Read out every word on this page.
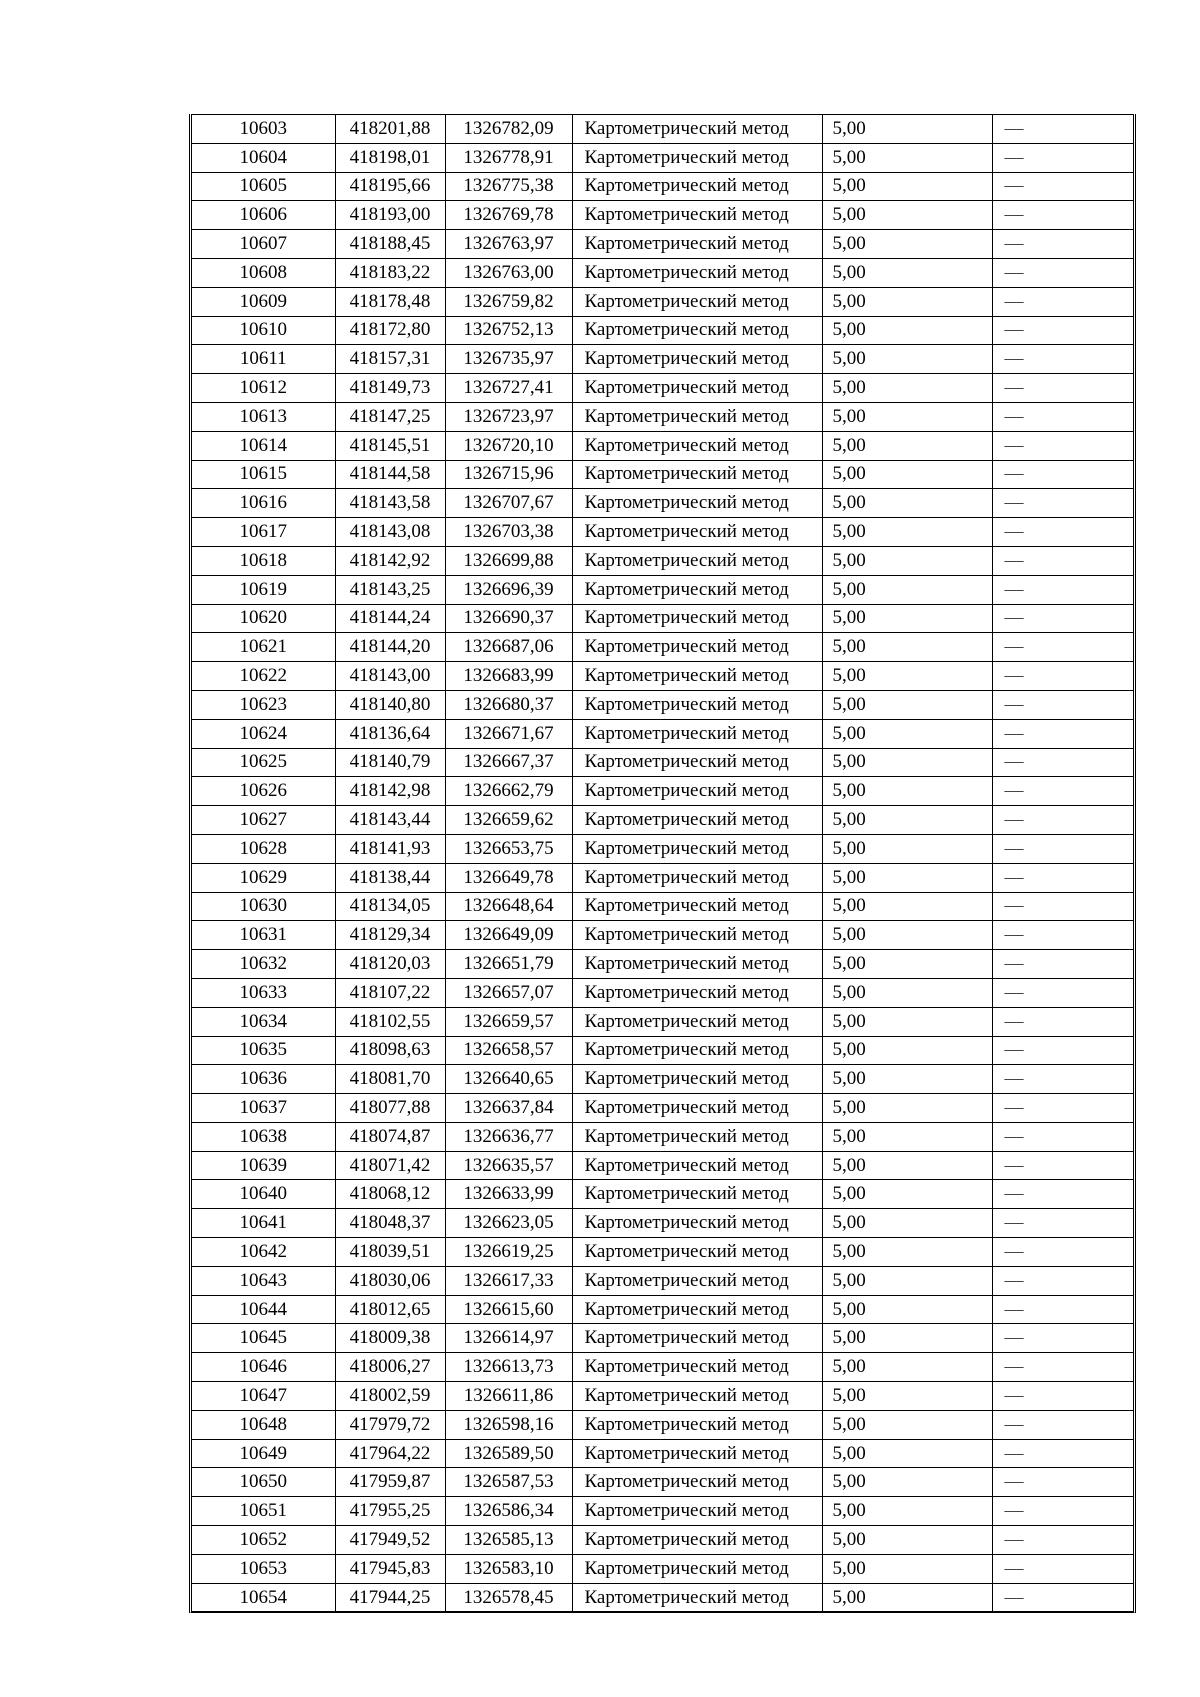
10603	418201,88	1326782,09	Картометрический метод	5,00	—
10604	418198,01	1326778,91	Картометрический метод	5,00	—
10605	418195,66	1326775,38	Картометрический метод	5,00	—
10606	418193,00	1326769,78	Картометрический метод	5,00	—
10607	418188,45	1326763,97	Картометрический метод	5,00	—
10608	418183,22	1326763,00	Картометрический метод	5,00	—
10609	418178,48	1326759,82	Картометрический метод	5,00	—
10610	418172,80	1326752,13	Картометрический метод	5,00	—
10611	418157,31	1326735,97	Картометрический метод	5,00	—
10612	418149,73	1326727,41	Картометрический метод	5,00	—
10613	418147,25	1326723,97	Картометрический метод	5,00	—
10614	418145,51	1326720,10	Картометрический метод	5,00	—
10615	418144,58	1326715,96	Картометрический метод	5,00	—
10616	418143,58	1326707,67	Картометрический метод	5,00	—
10617	418143,08	1326703,38	Картометрический метод	5,00	—
10618	418142,92	1326699,88	Картометрический метод	5,00	—
10619	418143,25	1326696,39	Картометрический метод	5,00	—
10620	418144,24	1326690,37	Картометрический метод	5,00	—
10621	418144,20	1326687,06	Картометрический метод	5,00	—
10622	418143,00	1326683,99	Картометрический метод	5,00	—
10623	418140,80	1326680,37	Картометрический метод	5,00	—
10624	418136,64	1326671,67	Картометрический метод	5,00	—
10625	418140,79	1326667,37	Картометрический метод	5,00	—
10626	418142,98	1326662,79	Картометрический метод	5,00	—
10627	418143,44	1326659,62	Картометрический метод	5,00	—
10628	418141,93	1326653,75	Картометрический метод	5,00	—
10629	418138,44	1326649,78	Картометрический метод	5,00	—
10630	418134,05	1326648,64	Картометрический метод	5,00	—
10631	418129,34	1326649,09	Картометрический метод	5,00	—
10632	418120,03	1326651,79	Картометрический метод	5,00	—
10633	418107,22	1326657,07	Картометрический метод	5,00	—
10634	418102,55	1326659,57	Картометрический метод	5,00	—
10635	418098,63	1326658,57	Картометрический метод	5,00	—
10636	418081,70	1326640,65	Картометрический метод	5,00	—
10637	418077,88	1326637,84	Картометрический метод	5,00	—
10638	418074,87	1326636,77	Картометрический метод	5,00	—
10639	418071,42	1326635,57	Картометрический метод	5,00	—
10640	418068,12	1326633,99	Картометрический метод	5,00	—
10641	418048,37	1326623,05	Картометрический метод	5,00	—
10642	418039,51	1326619,25	Картометрический метод	5,00	—
10643	418030,06	1326617,33	Картометрический метод	5,00	—
10644	418012,65	1326615,60	Картометрический метод	5,00	—
10645	418009,38	1326614,97	Картометрический метод	5,00	—
10646	418006,27	1326613,73	Картометрический метод	5,00	—
10647	418002,59	1326611,86	Картометрический метод	5,00	—
10648	417979,72	1326598,16	Картометрический метод	5,00	—
10649	417964,22	1326589,50	Картометрический метод	5,00	—
10650	417959,87	1326587,53	Картометрический метод	5,00	—
10651	417955,25	1326586,34	Картометрический метод	5,00	—
10652	417949,52	1326585,13	Картометрический метод	5,00	—
10653	417945,83	1326583,10	Картометрический метод	5,00	—
10654	417944,25	1326578,45	Картометрический метод	5,00	—
